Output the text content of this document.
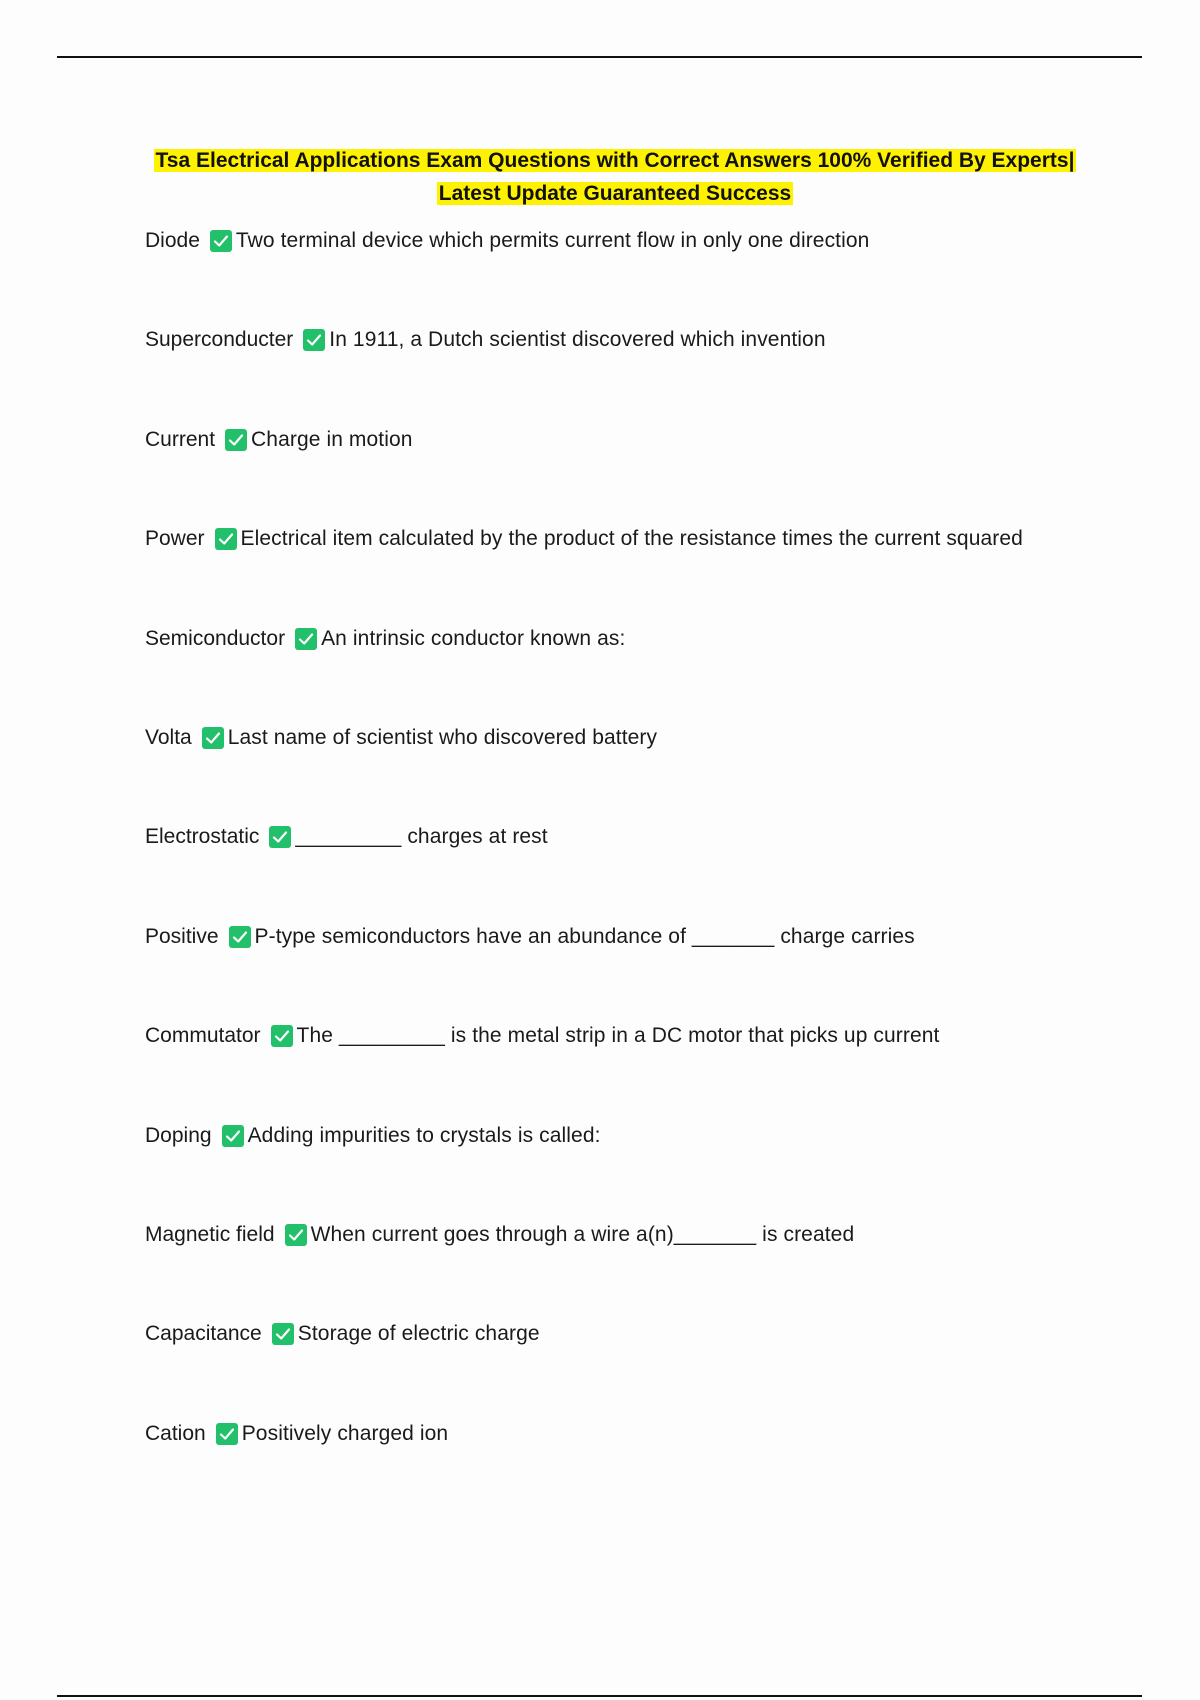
Tsa Electrical Applications Exam Questions with Correct Answers 100% Verified By Experts|
Latest Update Guaranteed Success
Diode Two terminal device which permits current flow in only one direction
Superconducter In 1911, a Dutch scientist discovered which invention
Current Charge in motion
Power Electrical item calculated by the product of the resistance times the current squared
Semiconductor An intrinsic conductor known as:
Volta Last name of scientist who discovered battery
Electrostatic _________ charges at rest
Positive P-type semiconductors have an abundance of _______ charge carries
Commutator The _________ is the metal strip in a DC motor that picks up current
Doping Adding impurities to crystals is called:
Magnetic field When current goes through a wire a(n)_______ is created
Capacitance Storage of electric charge
Cation Positively charged ion
